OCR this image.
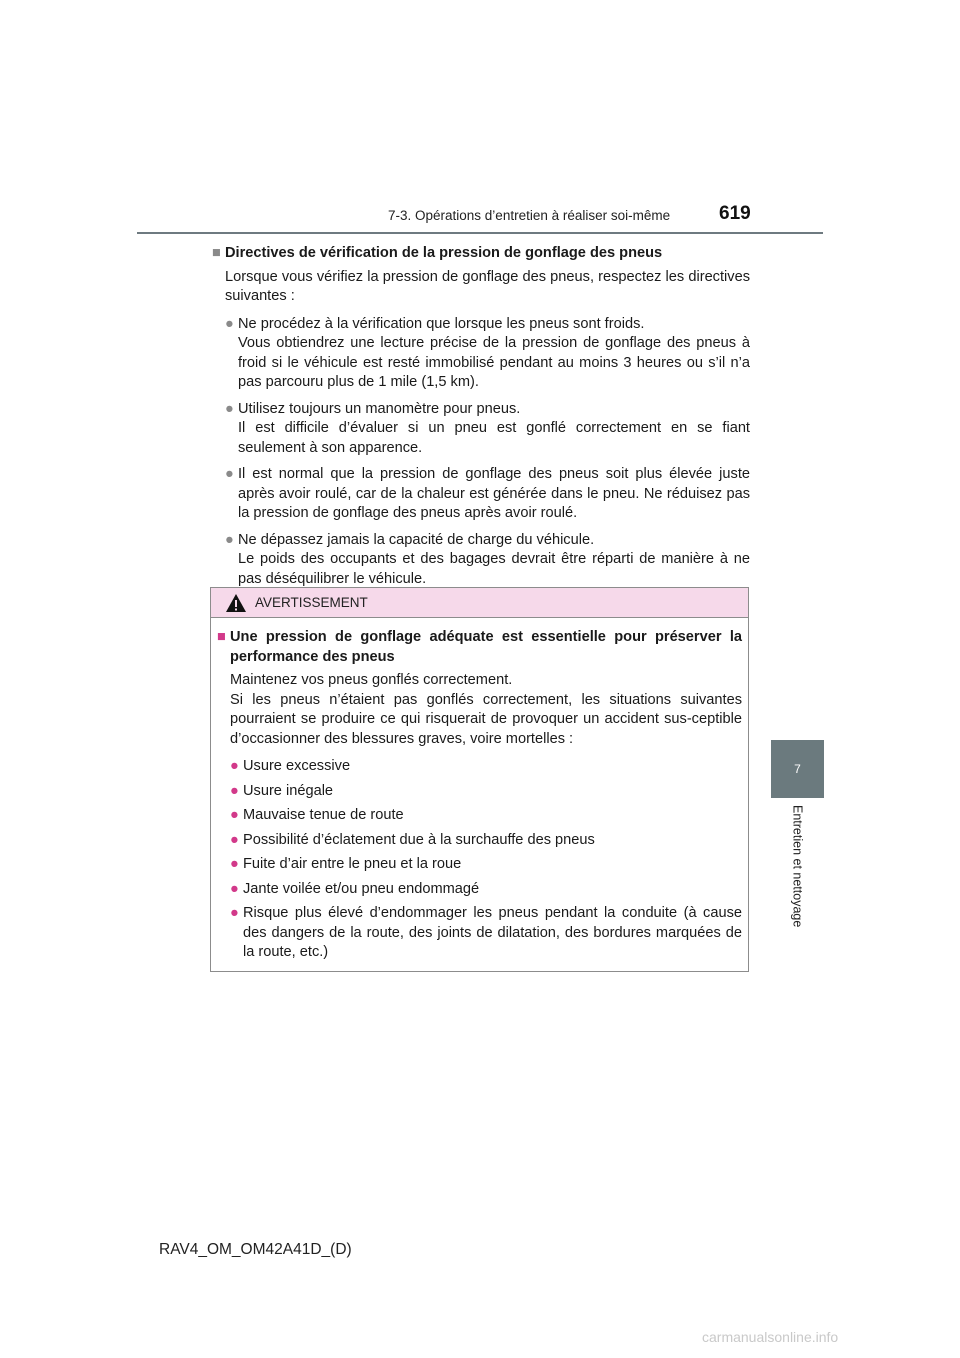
7-3. Opérations d’entretien à réaliser soi-même	619
7
Entretien et nettoyage
■ Directives de vérification de la pression de gonflage des pneus
Lorsque vous vérifiez la pression de gonflage des pneus, respectez les directives suivantes :
● Ne procédez à la vérification que lorsque les pneus sont froids.
Vous obtiendrez une lecture précise de la pression de gonflage des pneus à froid si le véhicule est resté immobilisé pendant au moins 3 heures ou s’il n’a pas parcouru plus de 1 mile (1,5 km).
● Utilisez toujours un manomètre pour pneus.
Il est difficile d’évaluer si un pneu est gonflé correctement en se fiant seulement à son apparence.
● Il est normal que la pression de gonflage des pneus soit plus élevée juste après avoir roulé, car de la chaleur est générée dans le pneu. Ne réduisez pas la pression de gonflage des pneus après avoir roulé.
● Ne dépassez jamais la capacité de charge du véhicule.
Le poids des occupants et des bagages devrait être réparti de manière à ne pas déséquilibrer le véhicule.
AVERTISSEMENT
■ Une pression de gonflage adéquate est essentielle pour préserver la performance des pneus
Maintenez vos pneus gonflés correctement.
Si les pneus n’étaient pas gonflés correctement, les situations suivantes pourraient se produire ce qui risquerait de provoquer un accident sus-ceptible d’occasionner des blessures graves, voire mortelles :
● Usure excessive
● Usure inégale
● Mauvaise tenue de route
● Possibilité d’éclatement due à la surchauffe des pneus
● Fuite d’air entre le pneu et la roue
● Jante voilée et/ou pneu endommagé
● Risque plus élevé d’endommager les pneus pendant la conduite (à cause des dangers de la route, des joints de dilatation, des bordures marquées de la route, etc.)
RAV4_OM_OM42A41D_(D)
carmanualsonline.info
